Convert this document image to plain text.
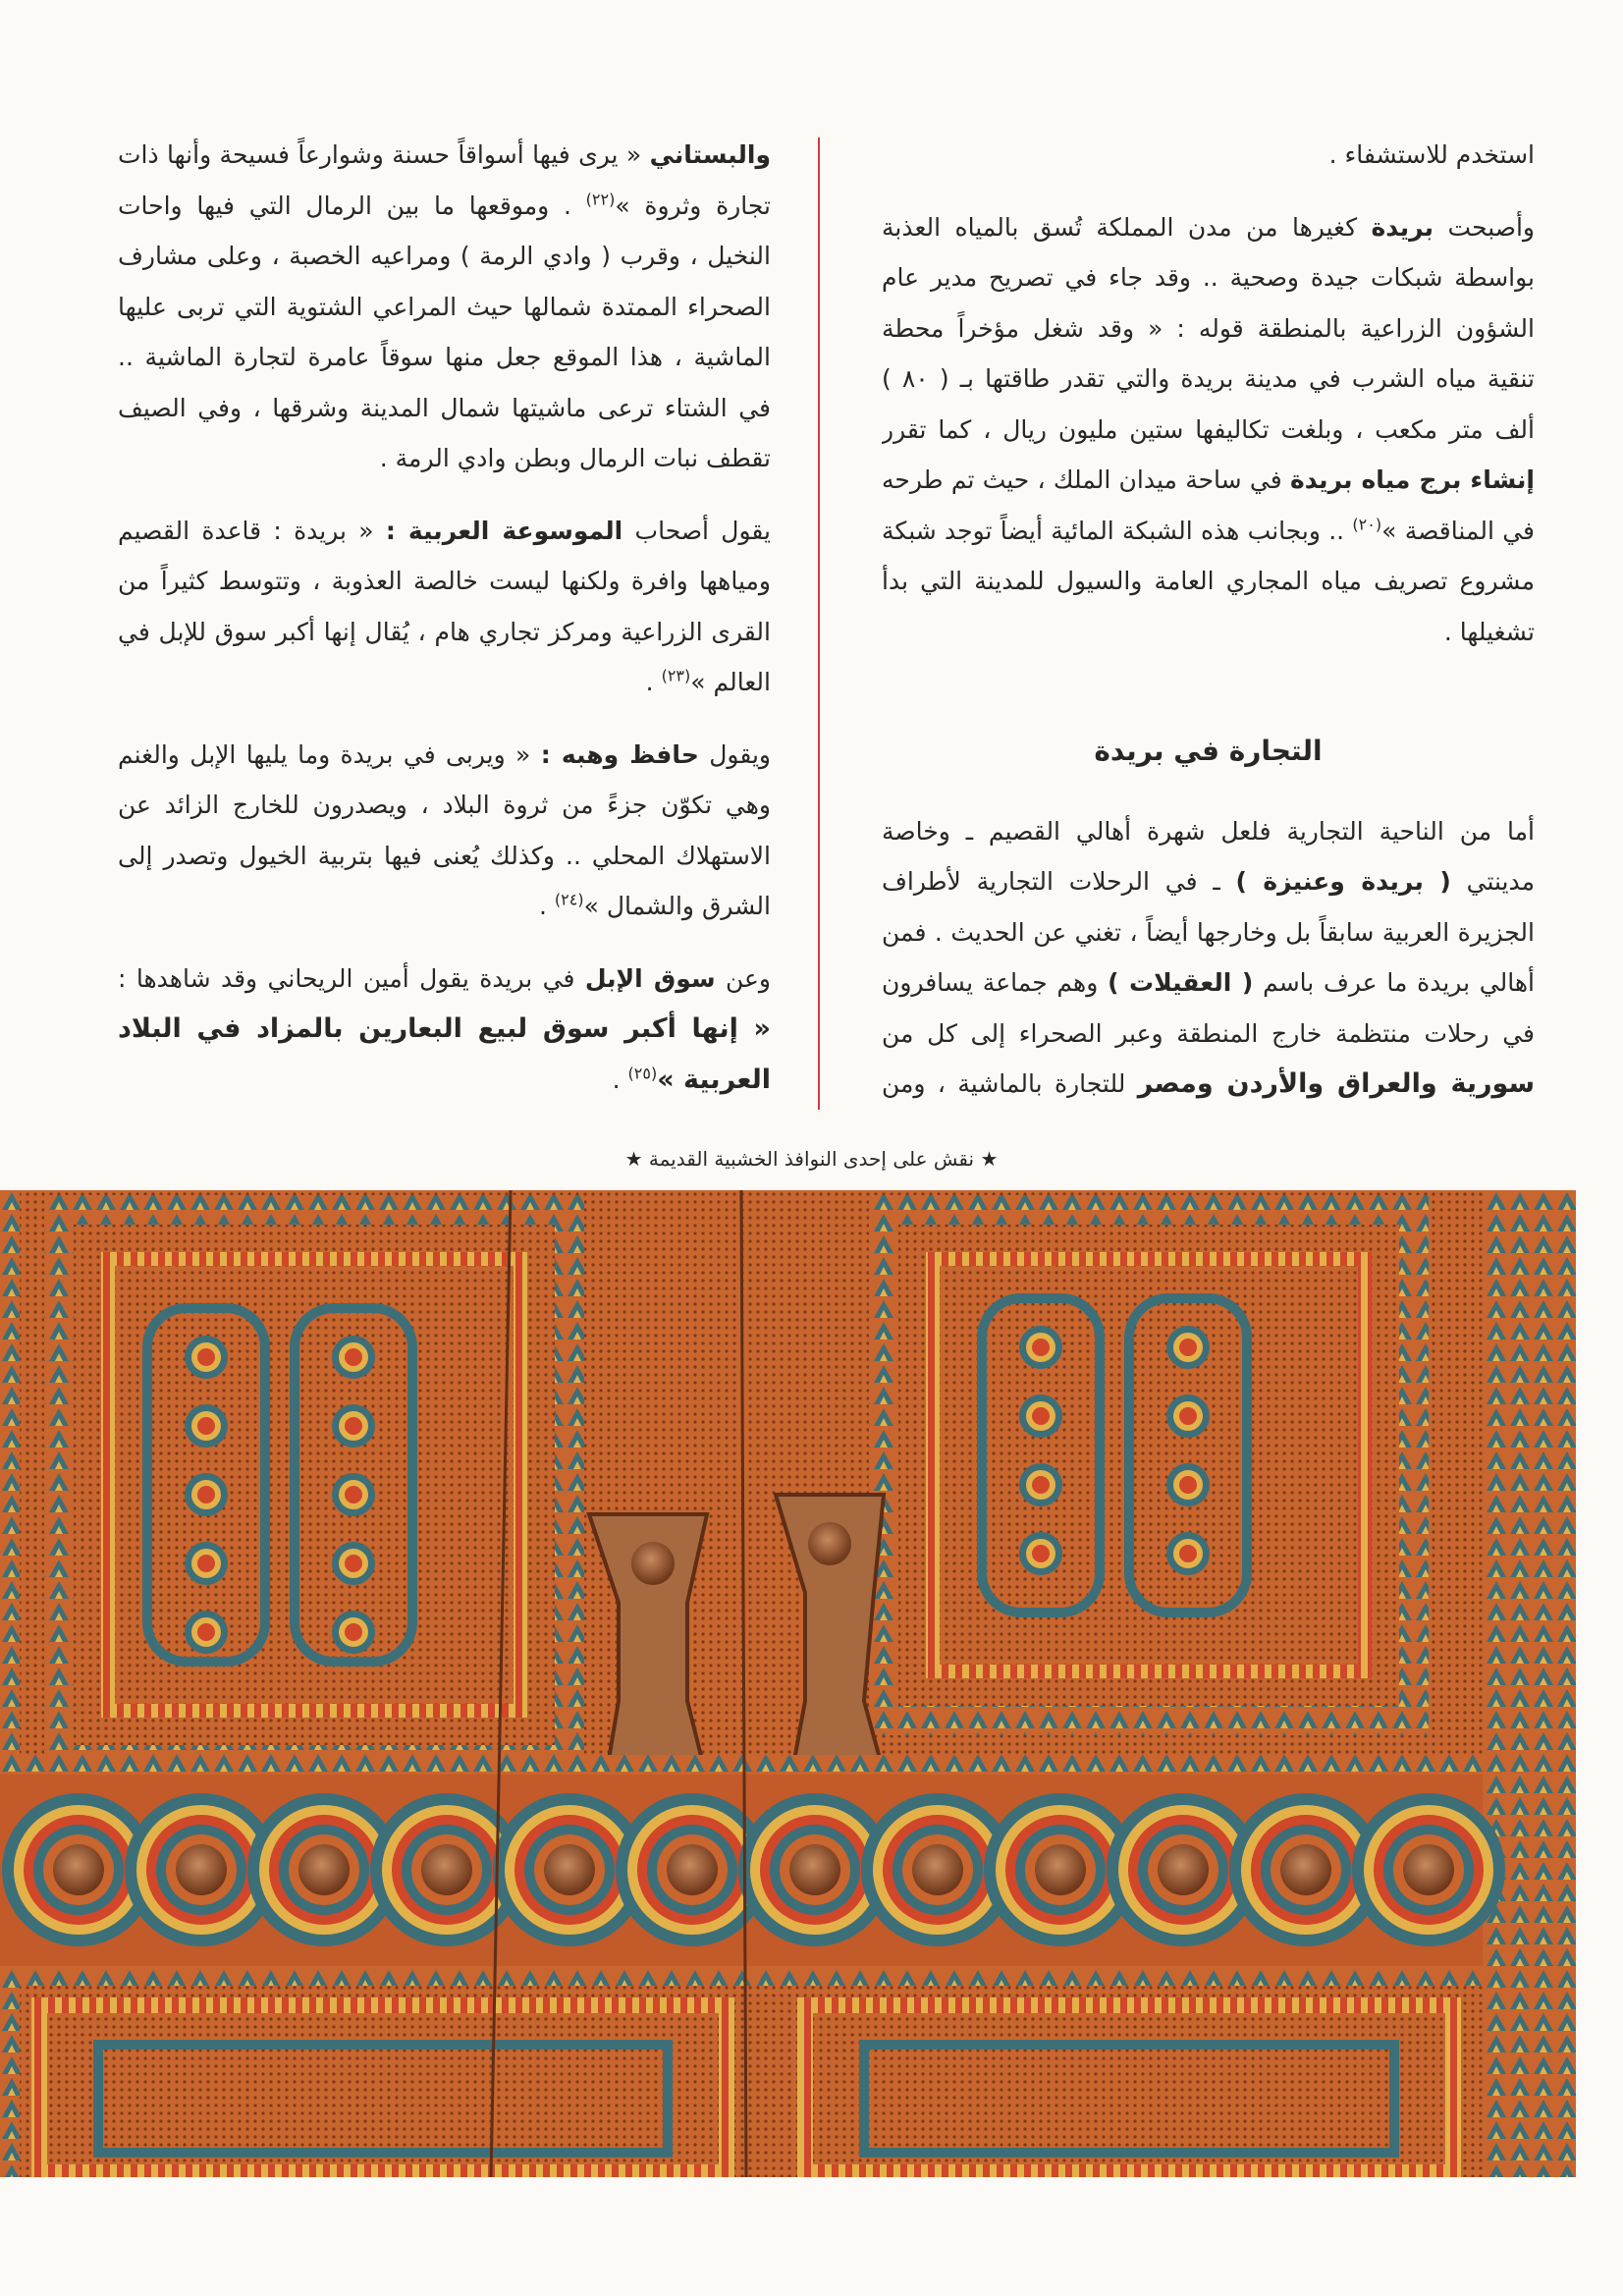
استخدم للاستشفاء .

وأصبحت بريدة كغيرها من مدن المملكة تُسق بالمياه العذبة بواسطة شبكات جيدة وصحية .. وقد جاء في تصريح مدير عام الشؤون الزراعية بالمنطقة قوله : « وقد شغل مؤخراً محطة تنقية مياه الشرب في مدينة بريدة والتي تقدر طاقتها بـ ( ٨٠ ) ألف متر مكعب ، وبلغت تكاليفها ستين مليون ريال ، كما تقرر إنشاء برج مياه بريدة في ساحة ميدان الملك ، حيث تم طرحه في المناقصة »$^{(٢٠)}$ .. وبجانب هذه الشبكة المائية أيضاً توجد شبكة مشروع تصريف مياه المجاري العامة والسيول للمدينة التي بدأ تشغيلها .

التجارة في بريدة

أما من الناحية التجارية فلعل شهرة أهالي القصيم ـ وخاصة مدينتي ( بريدة وعنيزة ) ـ في الرحلات التجارية لأطراف الجزيرة العربية سابقاً بل وخارجها أيضاً ، تغني عن الحديث . فمن أهالي بريدة ما عرف باسم ( العقيلات ) وهم جماعة يسافرون في رحلات منتظمة خارج المنطقة وعبر الصحراء إلى كل من سورية والعراق والأردن ومصر للتجارة بالماشية ، ومن

والبستاني « يرى فيها أسواقاً حسنة وشوارعاً فسيحة وأنها ذات تجارة وثروة »$^{(٢٢)}$ . وموقعها ما بين الرمال التي فيها واحات النخيل ، وقرب ( وادي الرمة ) ومراعيه الخصبة ، وعلى مشارف الصحراء الممتدة شمالها حيث المراعي الشتوية التي تربى عليها الماشية ، هذا الموقع جعل منها سوقاً عامرة لتجارة الماشية .. في الشتاء ترعى ماشيتها شمال المدينة وشرقها ، وفي الصيف تقطف نبات الرمال وبطن وادي الرمة .

يقول أصحاب الموسوعة العربية : « بريدة : قاعدة القصيم ومياهها وافرة ولكنها ليست خالصة العذوبة ، وتتوسط كثيراً من القرى الزراعية ومركز تجاري هام ، يُقال إنها أكبر سوق للإبل في العالم »$^{(٢٣)}$ .

ويقول حافظ وهبه : « ويربى في بريدة وما يليها الإبل والغنم وهي تكوّن جزءً من ثروة البلاد ، ويصدرون للخارج الزائد عن الاستهلاك المحلي .. وكذلك يُعنى فيها بتربية الخيول وتصدر إلى الشرق والشمال »$^{(٢٤)}$ .

وعن سوق الإبل في بريدة يقول أمين الريحاني وقد شاهدها : « إنها أكبر سوق لبيع البعارين بالمزاد في البلاد العربية »$^{(٢٥)}$ .

★ نقش على إحدى النوافذ الخشبية القديمة ★
